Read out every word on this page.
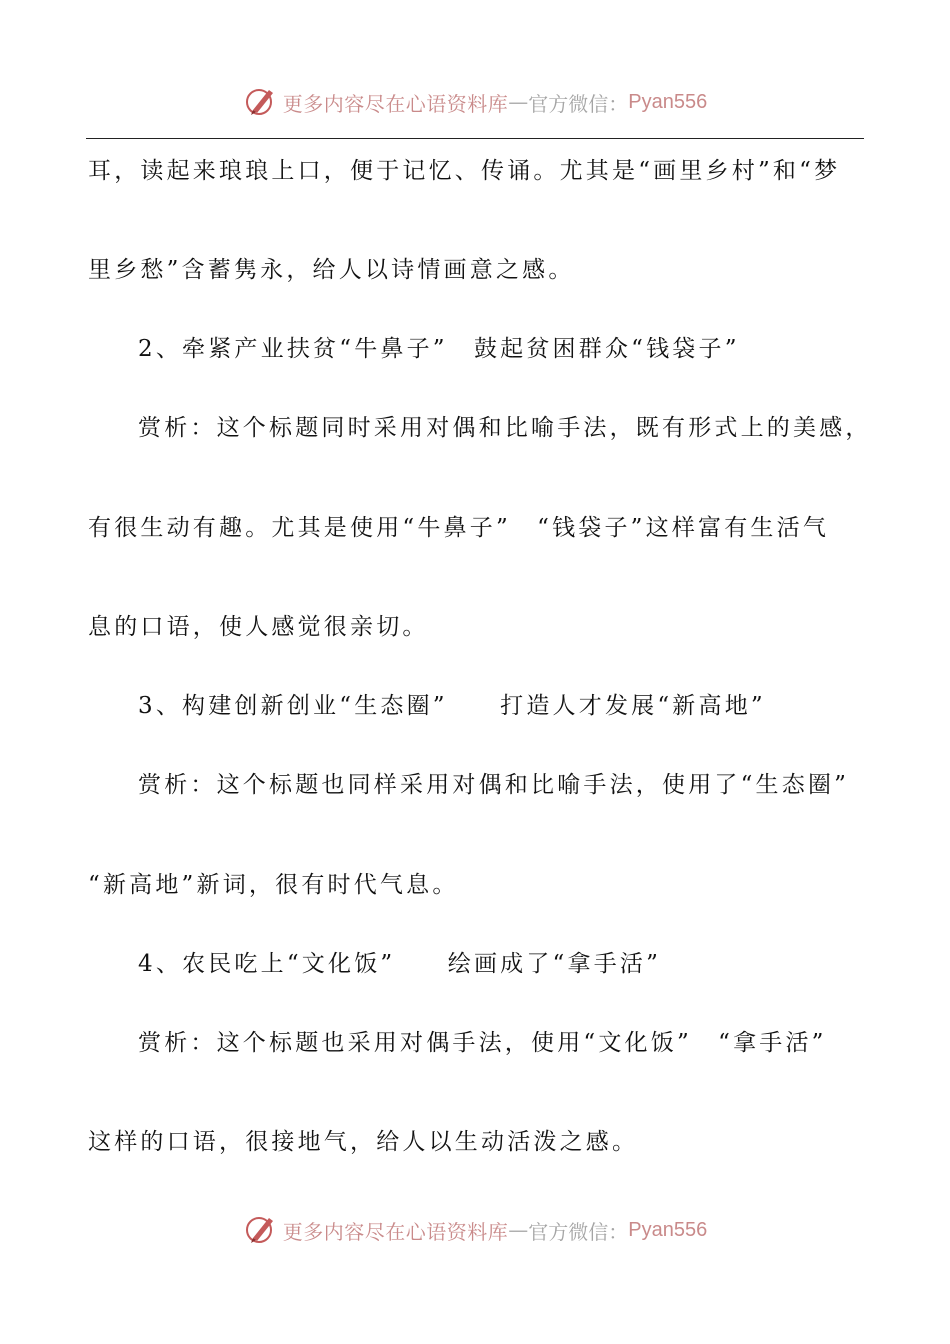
更多内容尽在心语资料库 — 官方微信： Pyan556
耳，读起来琅琅上口，便于记忆、传诵。尤其是“画里乡村”和“梦
里乡愁”含蓄隽永，给人以诗情画意之感。
2、牵紧产业扶贫“牛鼻子”　鼓起贫困群众“钱袋子”
赏析：这个标题同时采用对偶和比喻手法，既有形式上的美感，
有很生动有趣。尤其是使用“牛鼻子”　“钱袋子”这样富有生活气
息的口语，使人感觉很亲切。
3、构建创新创业“生态圈”　　打造人才发展“新高地”
赏析：这个标题也同样采用对偶和比喻手法，使用了“生态圈”
“新高地”新词，很有时代气息。
4、农民吃上“文化饭”　　绘画成了“拿手活”
赏析：这个标题也采用对偶手法，使用“文化饭”　“拿手活”
这样的口语，很接地气，给人以生动活泼之感。
更多内容尽在心语资料库 — 官方微信： Pyan556
